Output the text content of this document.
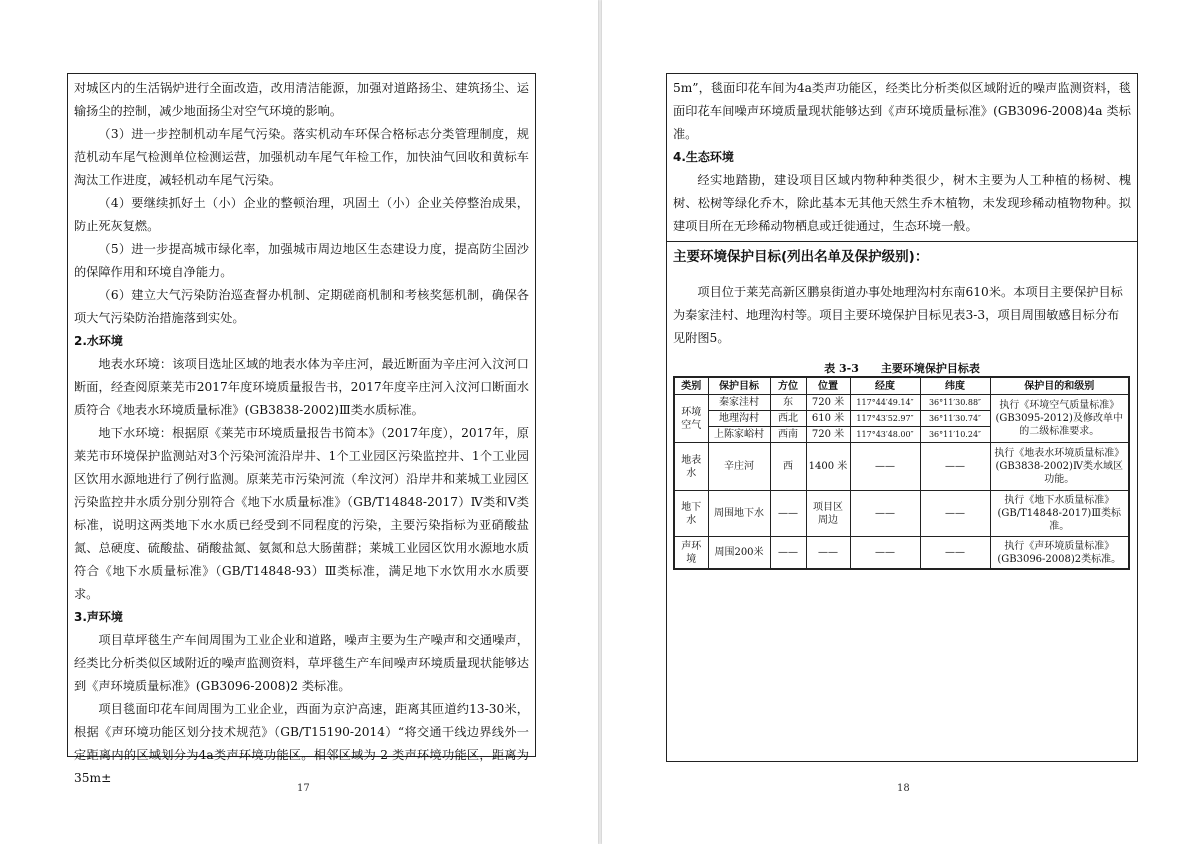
对城区内的生活锅炉进行全面改造，改用清洁能源，加强对道路扬尘、建筑扬尘、运输扬尘的控制，减少地面扬尘对空气环境的影响。

（3）进一步控制机动车尾气污染。落实机动车环保合格标志分类管理制度，规范机动车尾气检测单位检测运营，加强机动车尾气年检工作，加快油气回收和黄标车淘汰工作进度，减轻机动车尾气污染。

（4）要继续抓好土（小）企业的整顿治理，巩固土（小）企业关停整治成果，防止死灰复燃。

（5）进一步提高城市绿化率，加强城市周边地区生态建设力度，提高防尘固沙的保障作用和环境自净能力。

（6）建立大气污染防治巡查督办机制、定期磋商机制和考核奖惩机制，确保各项大气污染防治措施落到实处。

2.水环境

地表水环境：该项目选址区域的地表水体为辛庄河，最近断面为辛庄河入汶河口断面，经查阅原莱芜市2017年度环境质量报告书，2017年度辛庄河入汶河口断面水质符合《地表水环境质量标准》(GB3838-2002)Ⅲ类水质标准。

地下水环境：根据原《莱芜市环境质量报告书简本》（2017年度），2017年，原莱芜市环境保护监测站对3个污染河流沿岸井、1个工业园区污染监控井、1个工业园区饮用水源地进行了例行监测。原莱芜市污染河流（牟汶河）沿岸井和莱城工业园区污染监控井水质分别分别符合《地下水质量标准》（GB/T14848-2017）Ⅳ类和Ⅴ类标准，说明这两类地下水水质已经受到不同程度的污染，主要污染指标为亚硝酸盐氮、总硬度、硫酸盐、硝酸盐氮、氨氮和总大肠菌群；莱城工业园区饮用水源地水质符合《地下水质量标准》（GB/T14848-93）Ⅲ类标准，满足地下水饮用水水质要求。

3.声环境

项目草坪毯生产车间周围为工业企业和道路，噪声主要为生产噪声和交通噪声，经类比分析类似区域附近的噪声监测资料，草坪毯生产车间噪声环境质量现状能够达到《声环境质量标准》(GB3096-2008)2 类标准。

项目毯面印花车间周围为工业企业，西面为京沪高速，距离其匝道约13-30米，根据《声环境功能区划分技术规范》（GB/T15190-2014）“将交通干线边界线外一定距离内的区域划分为4a类声环境功能区。相邻区域为 2 类声环境功能区，距离为 35m±

17

5m”，毯面印花车间为4a类声功能区，经类比分析类似区域附近的噪声监测资料，毯面印花车间噪声环境质量现状能够达到《声环境质量标准》(GB3096-2008)4a 类标准。

4.生态环境

经实地踏勘，建设项目区域内物种种类很少，树木主要为人工种植的杨树、槐树、松树等绿化乔木，除此基本无其他天然生乔木植物，未发现珍稀动植物物种。拟建项目所在无珍稀动物栖息或迁徙通过，生态环境一般。

主要环境保护目标(列出名单及保护级别)：

项目位于莱芜高新区鹏泉街道办事处地理沟村东南610米。本项目主要保护目标为秦家洼村、地理沟村等。项目主要环境保护目标见表3-3，项目周围敏感目标分布见附图5。

表 3-3　　主要环境保护目标表
类别	保护目标	方位	位置	经度	纬度	保护目的和级别
环境空气	秦家洼村	东	720 米	117°44′49.14″	36°11′30.88″	执行《环境空气质量标准》(GB3095-2012)及修改单中的二级标准要求。
	地理沟村	西北	610 米	117°43′52.97″	36°11′30.74″	
	上陈家峪村	西南	720 米	117°43′48.00″	36°11′10.24″	
地表水	辛庄河	西	1400 米	——	——	执行《地表水环境质量标准》(GB3838-2002)Ⅳ类水域区功能。
地下水	周围地下水	——	项目区周边	——	——	执行《地下水质量标准》(GB/T14848-2017)Ⅲ类标准。
声环境	周围200米	——	——	——	——	执行《声环境质量标准》(GB3096-2008)2类标准。
18
